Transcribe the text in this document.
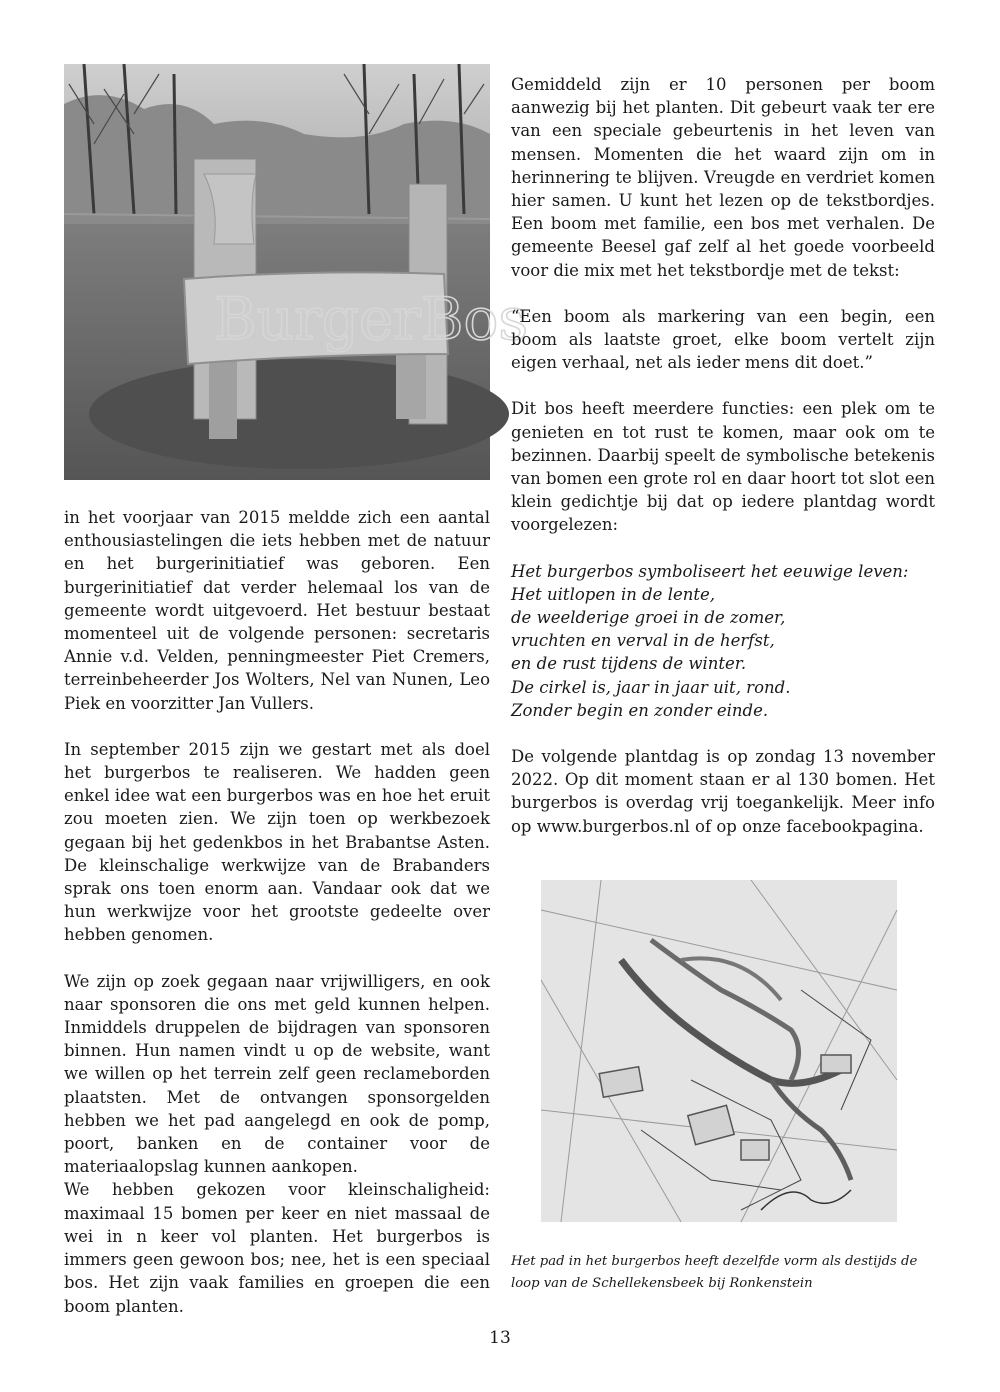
BurgerBos

in het voorjaar van 2015 meldde zich een aantal enthousiastelingen die iets hebben met de natuur en het burgerinitiatief was geboren. Een burgerinitiatief dat verder helemaal los van de gemeente wordt uitgevoerd. Het bestuur bestaat momenteel uit de volgende personen: secretaris Annie v.d. Velden, penningmeester Piet Cremers, terreinbeheerder Jos Wolters, Nel van Nunen, Leo Piek en voorzitter Jan Vullers.

In september 2015 zijn we gestart met als doel het burgerbos te realiseren. We hadden geen enkel idee wat een burgerbos was en hoe het eruit zou moeten zien. We zijn toen op werkbezoek gegaan bij het gedenkbos in het Brabantse Asten. De kleinschalige werkwijze van de Brabanders sprak ons toen enorm aan. Vandaar ook dat we hun werkwijze voor het grootste gedeelte over hebben genomen.

We zijn op zoek gegaan naar vrijwilligers, en ook naar sponsoren die ons met geld kunnen helpen. Inmiddels druppelen de bijdragen van sponsoren binnen. Hun namen vindt u op de website, want we willen op het terrein zelf geen reclameborden plaatsten. Met de ontvangen sponsorgelden hebben we het pad aangelegd en ook de pomp, poort, banken en de container voor de materiaalopslag kunnen aankopen.

We hebben gekozen voor kleinschaligheid: maximaal 15 bomen per keer en niet massaal de wei in n keer vol planten. Het burgerbos is immers geen gewoon bos; nee, het is een speciaal bos. Het zijn vaak families en groepen die een boom planten.

Gemiddeld zijn er 10 personen per boom aanwezig bij het planten. Dit gebeurt vaak ter ere van een speciale gebeurtenis in het leven van mensen. Momenten die het waard zijn om in herinnering te blijven. Vreugde en verdriet komen hier samen. U kunt het lezen op de tekstbordjes. Een boom met familie, een bos met verhalen. De gemeente Beesel gaf zelf al het goede voorbeeld voor die mix met het tekstbordje met de tekst:

“Een boom als markering van een begin, een boom als laatste groet, elke boom vertelt zijn eigen verhaal, net als ieder mens dit doet.”

Dit bos heeft meerdere functies: een plek om te genieten en tot rust te komen, maar ook om te bezinnen. Daarbij speelt de symbolische betekenis van bomen een grote rol en daar hoort tot slot een klein gedichtje bij dat op iedere plantdag wordt voorgelezen:

Het burgerbos symboliseert het eeuwige leven:
Het uitlopen in de lente,
de weelderige groei in de zomer,
vruchten en verval in de herfst,
en de rust tijdens de winter.
De cirkel is, jaar in jaar uit, rond.
Zonder begin en zonder einde.

De volgende plantdag is op zondag 13 november 2022. Op dit moment staan er al 130 bomen. Het burgerbos is overdag vrij toegankelijk. Meer info op www.burgerbos.nl of op onze facebookpagina.

Het pad in het burgerbos heeft dezelfde vorm als destijds de loop van de Schellekensbeek bij Ronkenstein
13
